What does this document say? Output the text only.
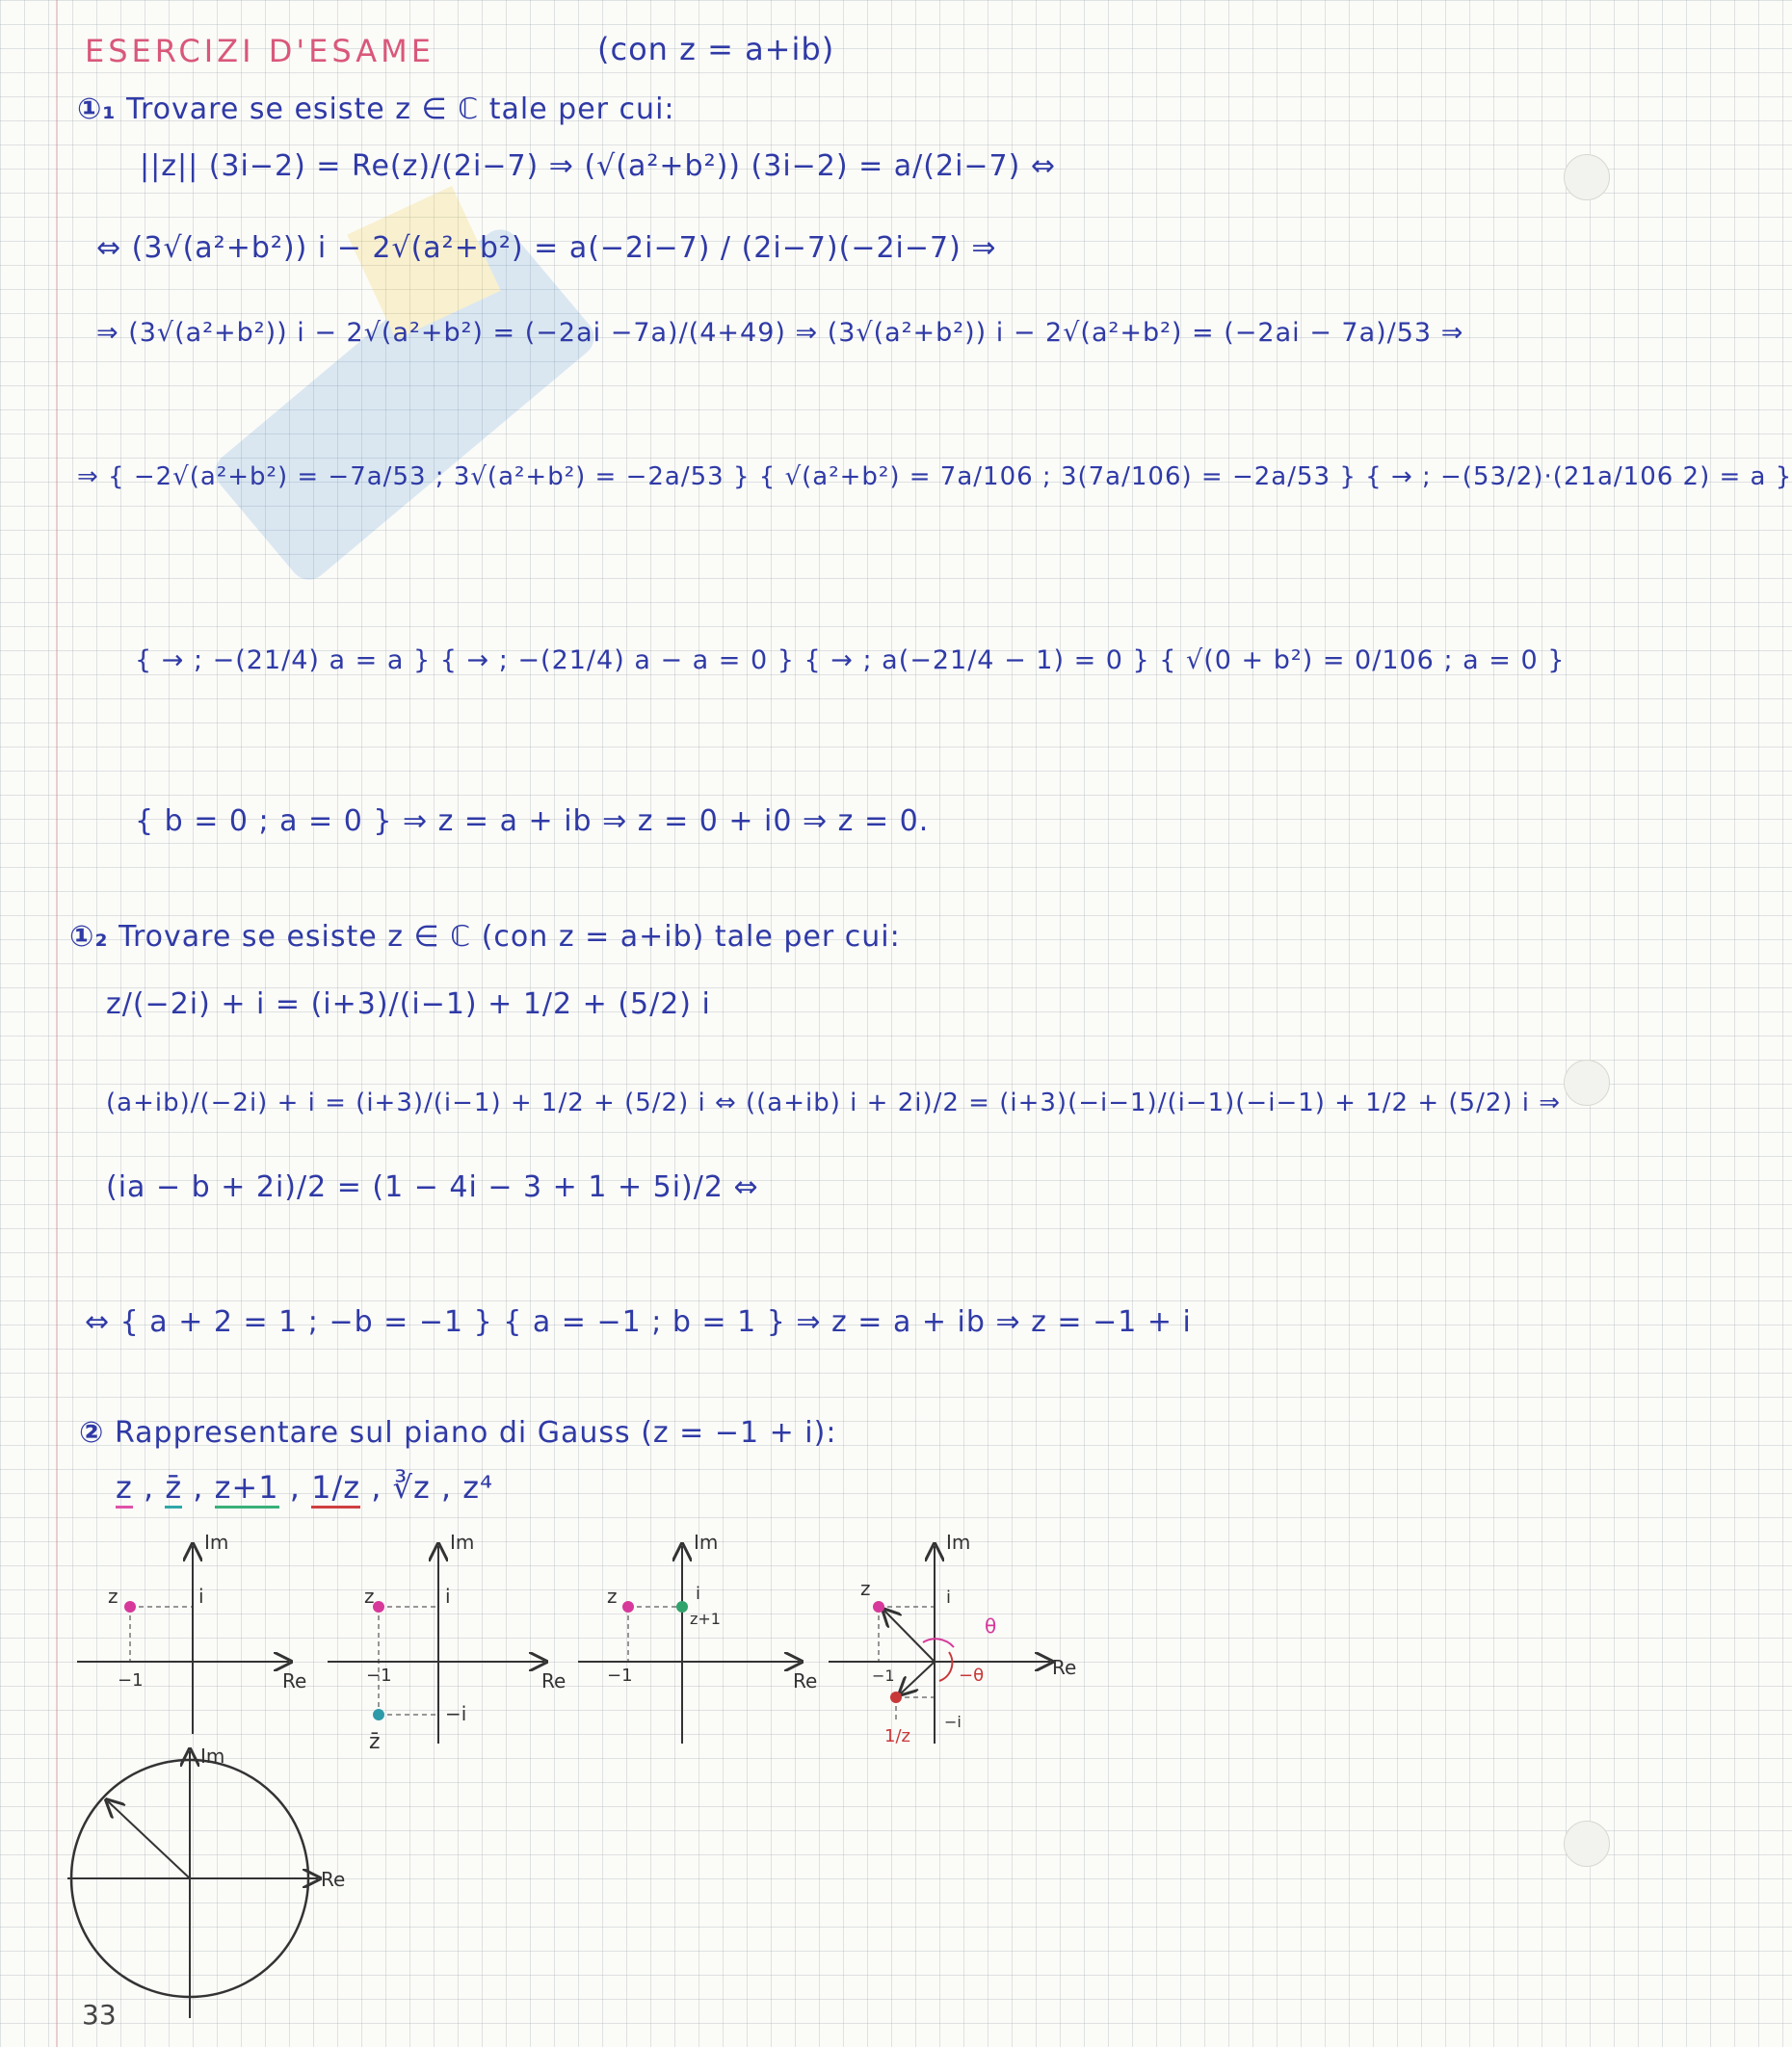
ESERCIZI D'ESAME	(con z = a+ib)
①₁ Trovare se esiste z ∈ ℂ tale per cui:
||z|| (3i−2) = Re(z)/(2i−7) ⇒ (√(a²+b²)) (3i−2) = a/(2i−7) ⇔
⇔ (3√(a²+b²)) i − 2√(a²+b²) = a(−2i−7) / (2i−7)(−2i−7) ⇒
⇒ (3√(a²+b²)) i − 2√(a²+b²) = (−2ai −7a)/(4+49) ⇒ (3√(a²+b²)) i − 2√(a²+b²) = (−2ai − 7a)/53 ⇒
⇒ { −2√(a²+b²) = −7a/53 ; 3√(a²+b²) = −2a/53 } { √(a²+b²) = 7a/106 ; 3(7a/106) = −2a/53 } { → ; −(53/2)·(21a/106 2) = a }
{ → ; −(21/4) a = a } { → ; −(21/4) a − a = 0 } { → ; a(−21/4 − 1) = 0 } { √(0 + b²) = 0/106 ; a = 0 }
{ b = 0 ; a = 0 } ⇒ z = a + ib ⇒ z = 0 + i0 ⇒ z = 0.
①₂ Trovare se esiste z ∈ ℂ (con z = a+ib) tale per cui:
z/(−2i) + i = (i+3)/(i−1) + 1/2 + (5/2) i
(a+ib)/(−2i) + i = (i+3)/(i−1) + 1/2 + (5/2) i ⇔ ((a+ib) i + 2i)/2 = (i+3)(−i−1)/(i−1)(−i−1) + 1/2 + (5/2) i ⇒
(ia − b + 2i)/2 = (1 − 4i − 3 + 1 + 5i)/2 ⇔
⇔ { a + 2 = 1 ; −b = −1 } { a = −1 ; b = 1 } ⇒ z = a + ib ⇒ z = −1 + i
② Rappresentare sul piano di Gauss (z = −1 + i):
z , z̄ , z+1 , 1/z , ∛z , z⁴
Im
Re
−1
i
z
Im
Re
−1
i
−i
z
z̄
Im
Re
−1
i
z+1
z
Im
Re
−1
i
−i
z
1/z
θ
−θ
Im
Re
33
